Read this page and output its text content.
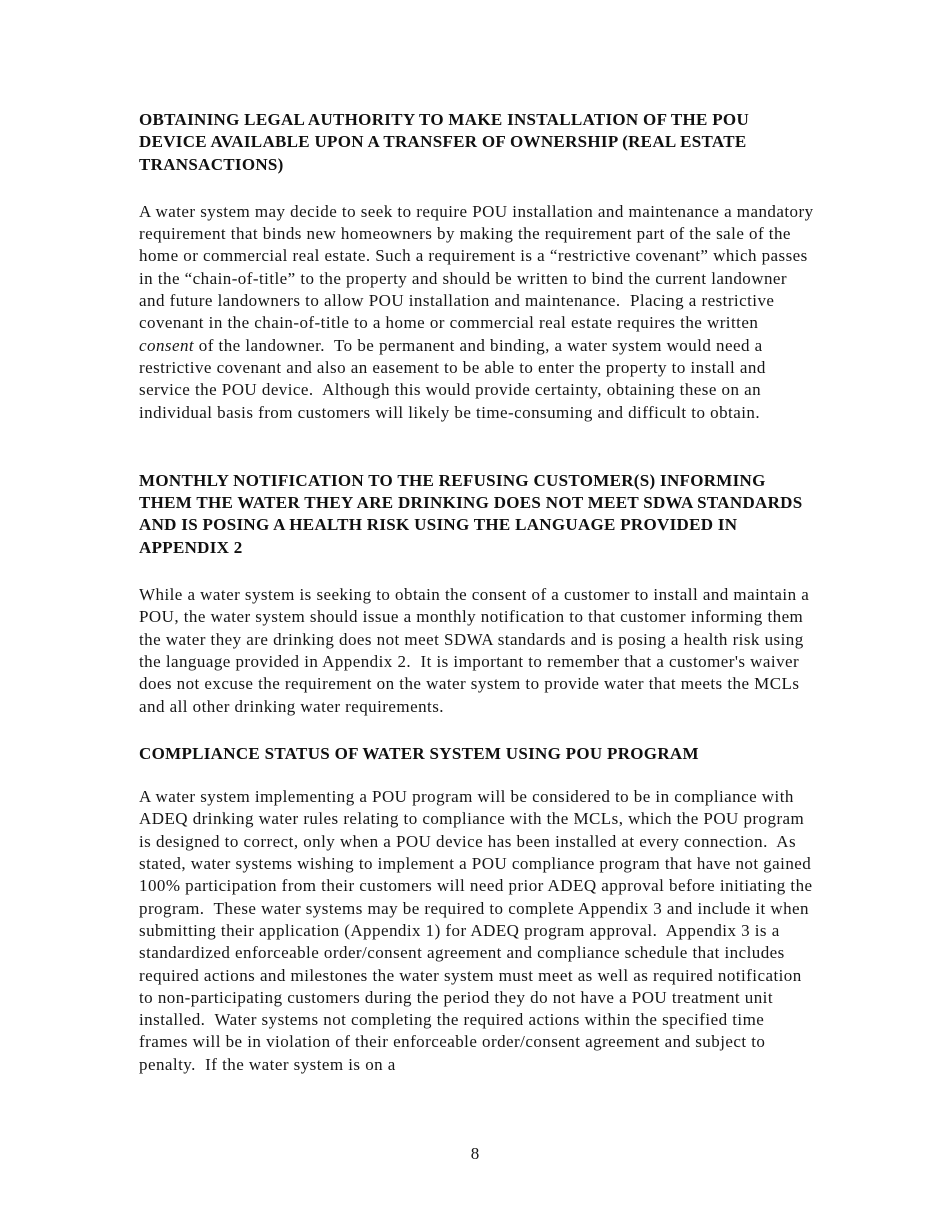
OBTAINING LEGAL AUTHORITY TO MAKE INSTALLATION OF THE POU DEVICE AVAILABLE UPON A TRANSFER OF OWNERSHIP (REAL ESTATE TRANSACTIONS)

A water system may decide to seek to require POU installation and maintenance a mandatory requirement that binds new homeowners by making the requirement part of the sale of the home or commercial real estate. Such a requirement is a “restrictive covenant” which passes in the “chain-of-title” to the property and should be written to bind the current landowner and future landowners to allow POU installation and maintenance.  Placing a restrictive covenant in the chain-of-title to a home or commercial real estate requires the written consent of the landowner.  To be permanent and binding, a water system would need a restrictive covenant and also an easement to be able to enter the property to install and service the POU device.  Although this would provide certainty, obtaining these on an individual basis from customers will likely be time-consuming and difficult to obtain.

MONTHLY NOTIFICATION TO THE REFUSING CUSTOMER(S) INFORMING THEM THE WATER THEY ARE DRINKING DOES NOT MEET SDWA STANDARDS AND IS POSING A HEALTH RISK USING THE LANGUAGE PROVIDED IN APPENDIX 2

While a water system is seeking to obtain the consent of a customer to install and maintain a POU, the water system should issue a monthly notification to that customer informing them the water they are drinking does not meet SDWA standards and is posing a health risk using the language provided in Appendix 2.  It is important to remember that a customer's waiver does not excuse the requirement on the water system to provide water that meets the MCLs and all other drinking water requirements.

COMPLIANCE STATUS OF WATER SYSTEM USING POU PROGRAM

A water system implementing a POU program will be considered to be in compliance with ADEQ drinking water rules relating to compliance with the MCLs, which the POU program is designed to correct, only when a POU device has been installed at every connection.  As stated, water systems wishing to implement a POU compliance program that have not gained 100% participation from their customers will need prior ADEQ approval before initiating the program.  These water systems may be required to complete Appendix 3 and include it when submitting their application (Appendix 1) for ADEQ program approval.  Appendix 3 is a standardized enforceable order/consent agreement and compliance schedule that includes required actions and milestones the water system must meet as well as required notification to non-participating customers during the period they do not have a POU treatment unit installed.  Water systems not completing the required actions within the specified time frames will be in violation of their enforceable order/consent agreement and subject to penalty.  If the water system is on a

8
